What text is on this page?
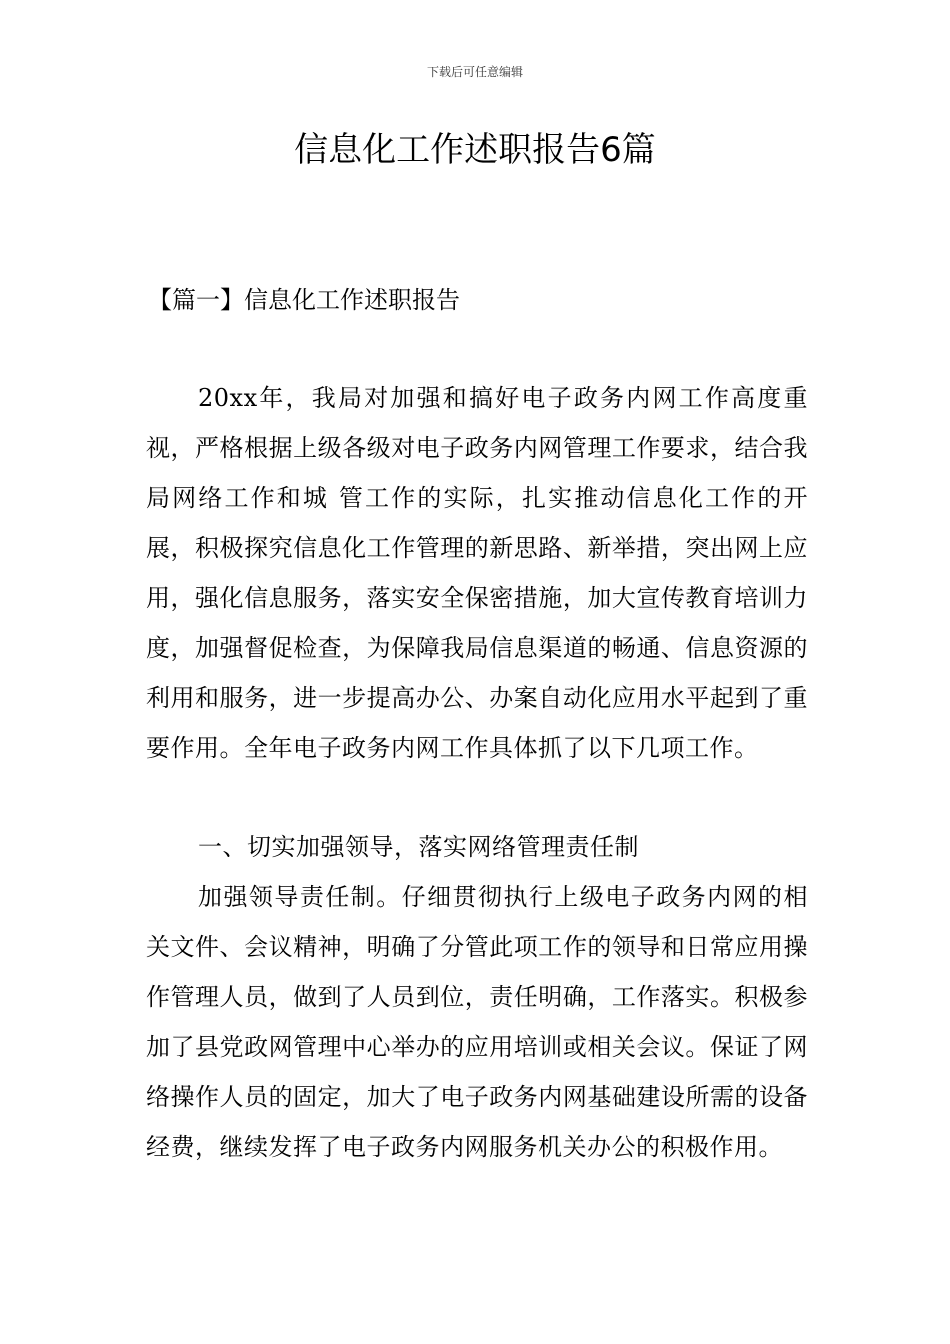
下载后可任意编辑
信息化工作述职报告6篇
【篇一】信息化工作述职报告

20xx年，我局对加强和搞好电子政务内网工作高度重视，严格根据上级各级对电子政务内网管理工作要求，结合我局网络工作和城 管工作的实际，扎实推动信息化工作的开展，积极探究信息化工作管理的新思路、新举措，突出网上应用，强化信息服务，落实安全保密措施，加大宣传教育培训力度，加强督促检查，为保障我局信息渠道的畅通、信息资源的利用和服务，进一步提高办公、办案自动化应用水平起到了重要作用。全年电子政务内网工作具体抓了以下几项工作。

一、切实加强领导，落实网络管理责任制

加强领导责任制。仔细贯彻执行上级电子政务内网的相关文件、会议精神，明确了分管此项工作的领导和日常应用操作管理人员，做到了人员到位，责任明确，工作落实。积极参加了县党政网管理中心举办的应用培训或相关会议。保证了网络操作人员的固定，加大了电子政务内网基础建设所需的设备经费，继续发挥了电子政务内网服务机关办公的积极作用。
